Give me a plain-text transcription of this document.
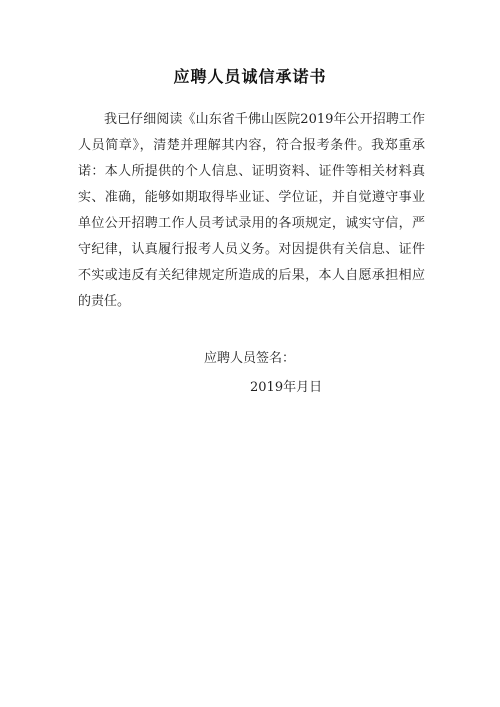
应聘人员诚信承诺书

我已仔细阅读《山东省千佛山医院2019年公开招聘工作人员简章》，清楚并理解其内容，符合报考条件。我郑重承诺：本人所提供的个人信息、证明资料、证件等相关材料真实、准确，能够如期取得毕业证、学位证，并自觉遵守事业单位公开招聘工作人员考试录用的各项规定，诚实守信，严守纪律，认真履行报考人员义务。对因提供有关信息、证件不实或违反有关纪律规定所造成的后果，本人自愿承担相应的责任。

应聘人员签名：
2019年月日
